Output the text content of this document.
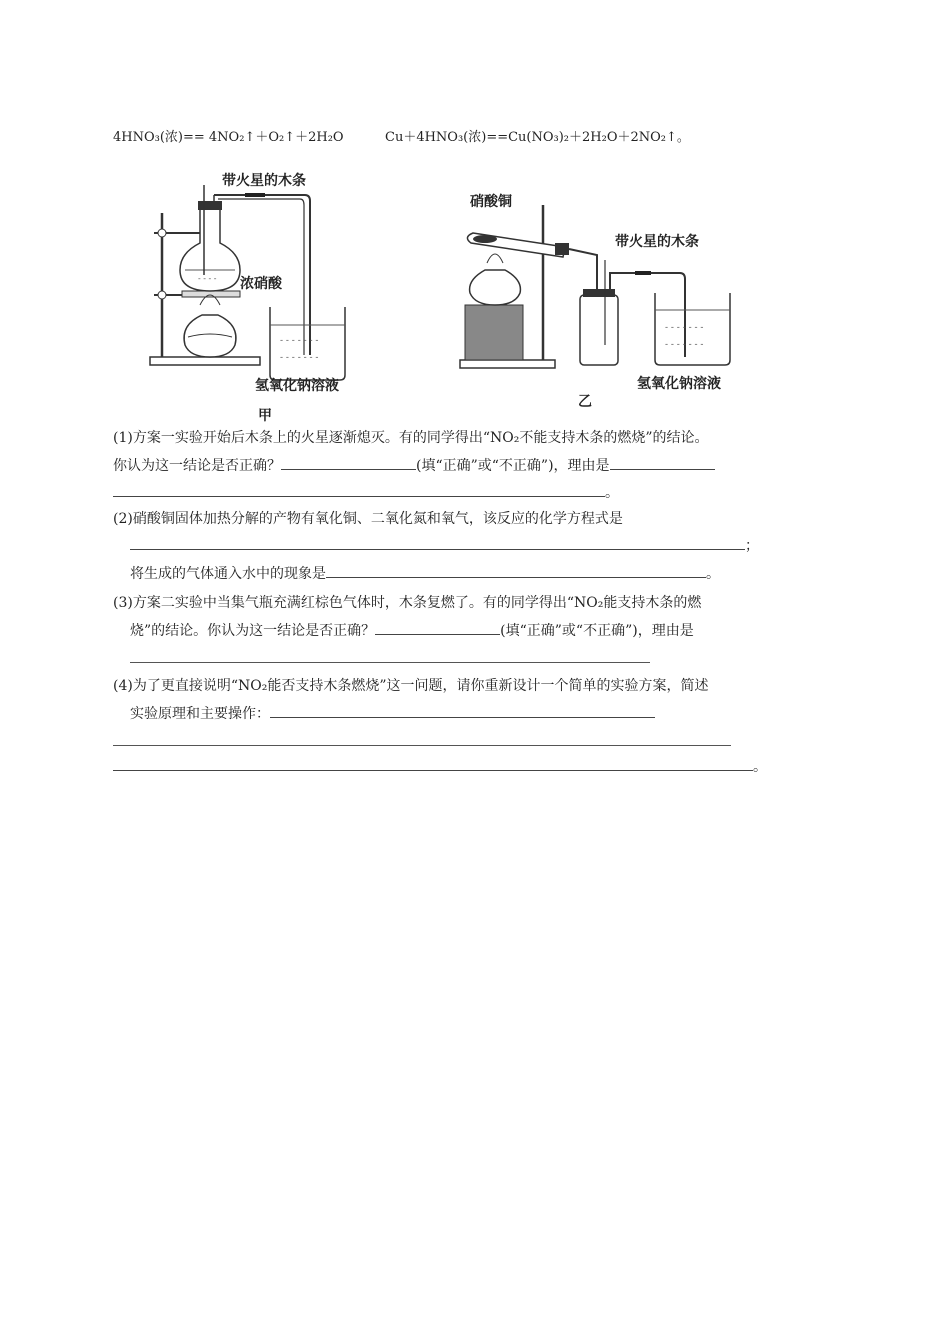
4HNO₃(浓)== 4NO₂↑＋O₂↑＋2H₂O	Cu＋4HNO₃(浓)==Cu(NO₃)₂＋2H₂O＋2NO₂↑。
- - - -
- - - - - - -
- - - - - - -
带火星的木条
浓硝酸
氢氧化钠溶液
甲
- - - - - - -
- - - - - - -
硝酸铜
带火星的木条
氢氧化钠溶液
乙
(1)方案一实验开始后木条上的火星逐渐熄灭。有的同学得出“NO₂不能支持木条的燃烧”的结论。
你认为这一结论是否正确？	(填“正确”或“不正确”)，理由是
。
(2)硝酸铜固体加热分解的产物有氧化铜、二氧化氮和氧气，该反应的化学方程式是
；
将生成的气体通入水中的现象是	。
(3)方案二实验中当集气瓶充满红棕色气体时，木条复燃了。有的同学得出“NO₂能支持木条的燃
烧”的结论。你认为这一结论是否正确？	(填“正确”或“不正确”)，理由是
(4)为了更直接说明“NO₂能否支持木条燃烧”这一问题，请你重新设计一个简单的实验方案，简述
实验原理和主要操作：
。
